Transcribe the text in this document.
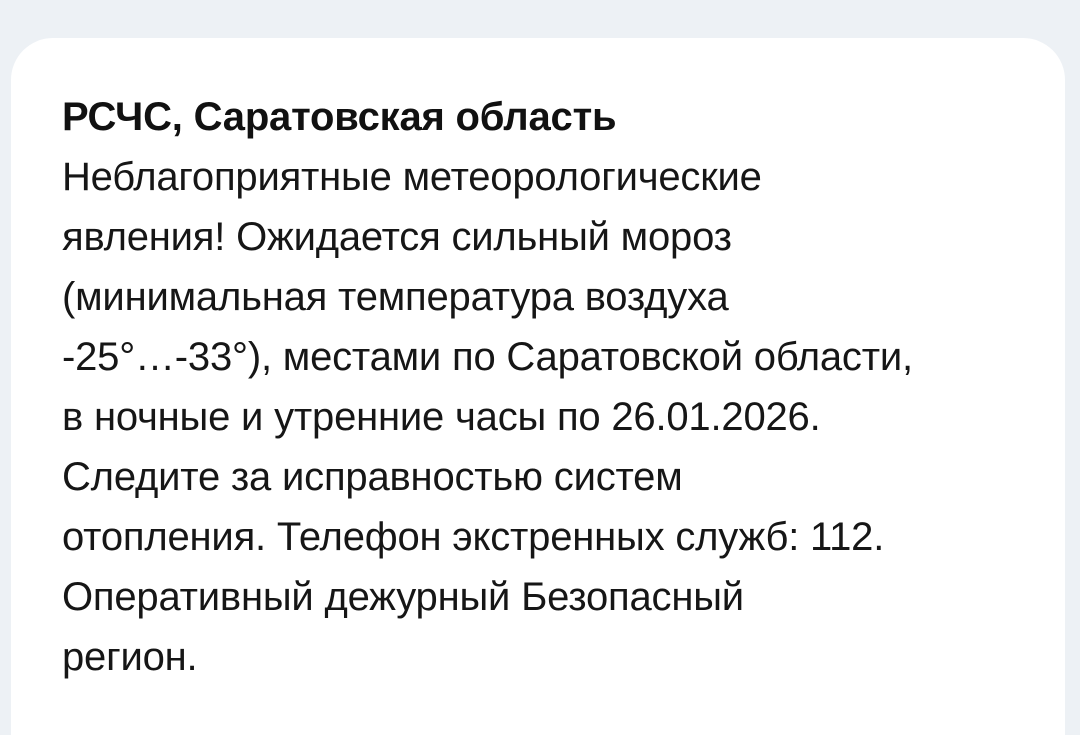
РСЧС, Саратовская область
Неблагоприятные метеорологические
явления! Ожидается сильный мороз
(минимальная температура воздуха
-25°…-33°), местами по Саратовской области,
в ночные и утренние часы по 26.01.2026.
Следите за исправностью систем
отопления. Телефон экстренных служб: 112.
Оперативный дежурный Безопасный
регион.
